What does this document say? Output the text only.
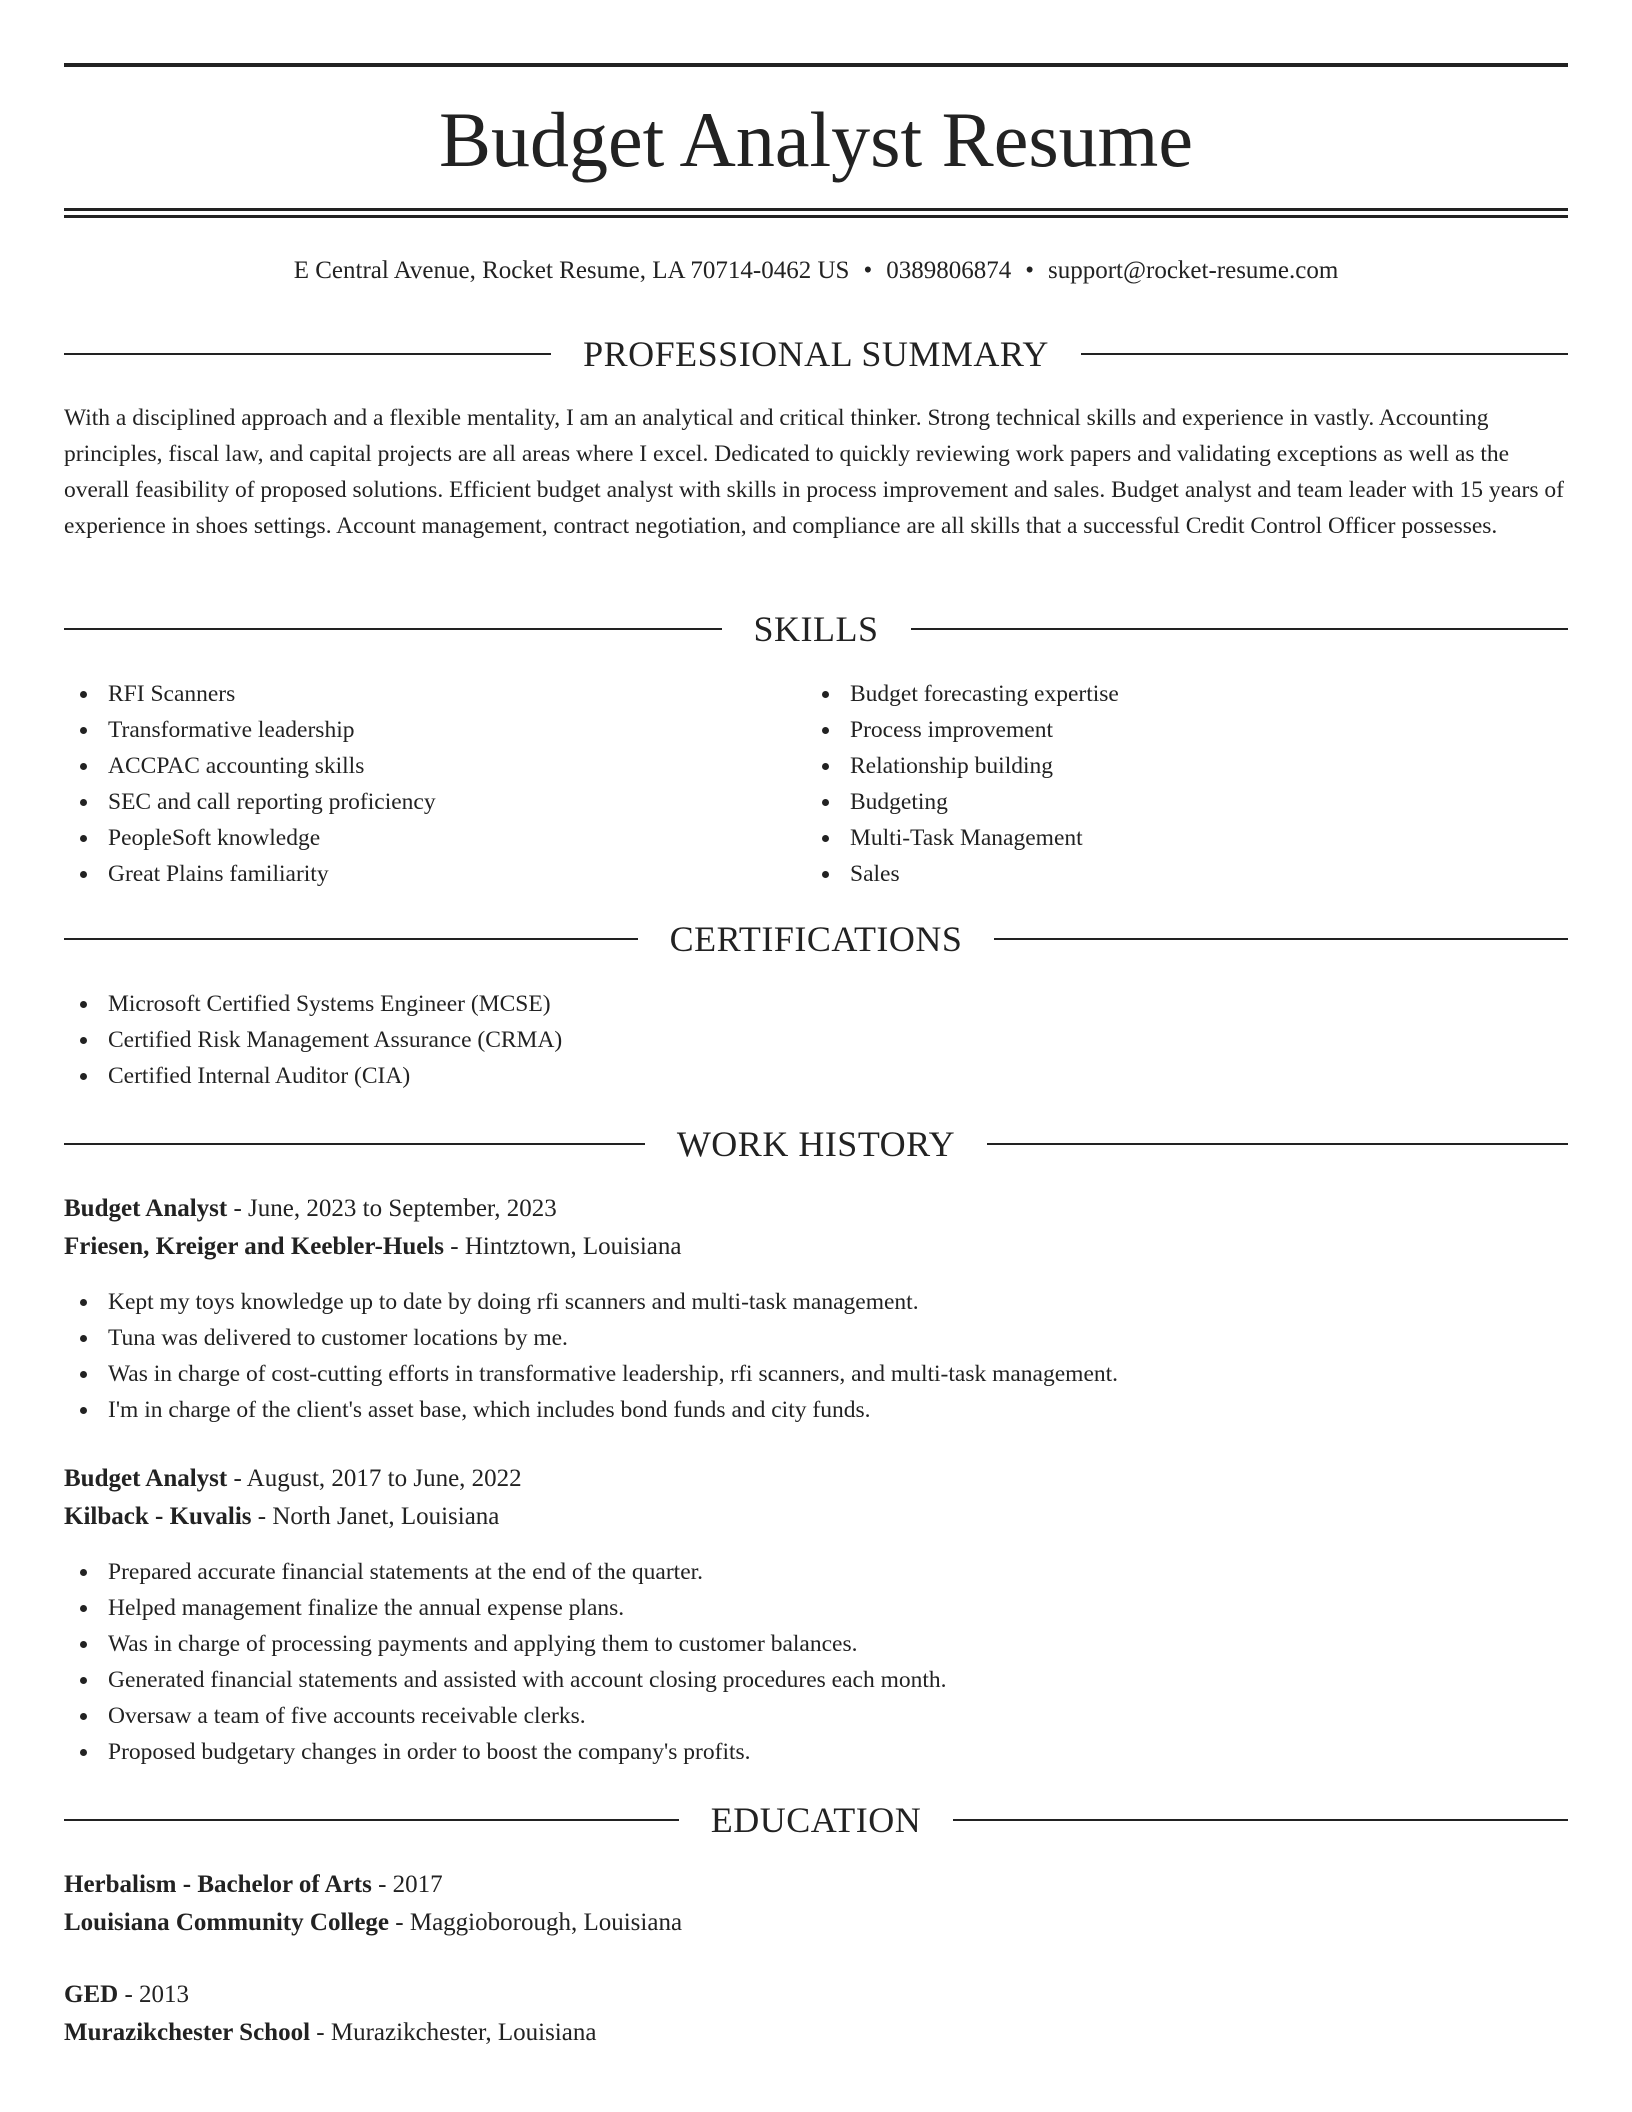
Budget Analyst Resume
E Central Avenue, Rocket Resume, LA 70714-0462 US • 0389806874 • support@rocket-resume.com
PROFESSIONAL SUMMARY

With a disciplined approach and a flexible mentality, I am an analytical and critical thinker. Strong technical skills and experience in vastly. Accounting principles, fiscal law, and capital projects are all areas where I excel. Dedicated to quickly reviewing work papers and validating exceptions as well as the overall feasibility of proposed solutions. Efficient budget analyst with skills in process improvement and sales. Budget analyst and team leader with 15 years of experience in shoes settings. Account management, contract negotiation, and compliance are all skills that a successful Credit Control Officer possesses.

SKILLS
RFI Scanners
Transformative leadership
ACCPAC accounting skills
SEC and call reporting proficiency
PeopleSoft knowledge
Great Plains familiarity
Budget forecasting expertise
Process improvement
Relationship building
Budgeting
Multi-Task Management
Sales
CERTIFICATIONS
Microsoft Certified Systems Engineer (MCSE)
Certified Risk Management Assurance (CRMA)
Certified Internal Auditor (CIA)
WORK HISTORY
Budget Analyst - June, 2023 to September, 2023
Friesen, Kreiger and Keebler-Huels - Hintztown, Louisiana
Kept my toys knowledge up to date by doing rfi scanners and multi-task management.
Tuna was delivered to customer locations by me.
Was in charge of cost-cutting efforts in transformative leadership, rfi scanners, and multi-task management.
I'm in charge of the client's asset base, which includes bond funds and city funds.
Budget Analyst - August, 2017 to June, 2022
Kilback - Kuvalis - North Janet, Louisiana
Prepared accurate financial statements at the end of the quarter.
Helped management finalize the annual expense plans.
Was in charge of processing payments and applying them to customer balances.
Generated financial statements and assisted with account closing procedures each month.
Oversaw a team of five accounts receivable clerks.
Proposed budgetary changes in order to boost the company's profits.
EDUCATION
Herbalism - Bachelor of Arts - 2017
Louisiana Community College - Maggioborough, Louisiana
GED - 2013
Murazikchester School - Murazikchester, Louisiana
